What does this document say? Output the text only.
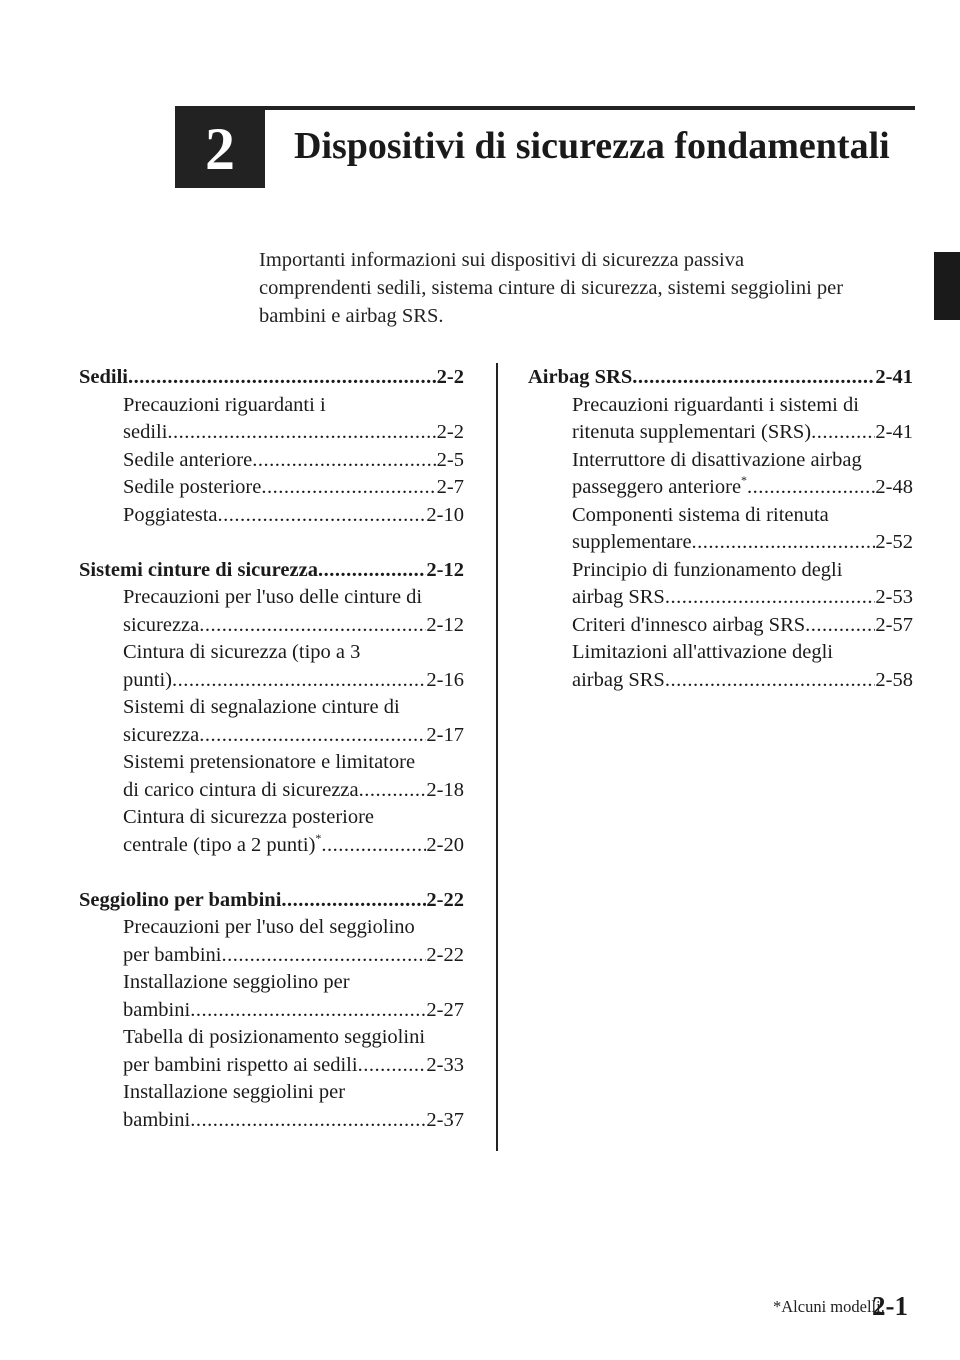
2 Dispositivi di sicurezza fondamentali

Importanti informazioni sui dispositivi di sicurezza passiva

comprendenti sedili, sistema cinture di sicurezza, sistemi seggiolini per

bambini e airbag SRS.

Sedili .....	2-2
Precauzioni riguardanti i
sedili .....	2-2
Sedile anteriore .....	2-5
Sedile posteriore .....	2-7
Poggiatesta .....	2-10
Sistemi cinture di sicurezza .....	2-12
Precauzioni per l'uso delle cinture di
sicurezza .....	2-12
Cintura di sicurezza (tipo a 3
punti) .....	2-16
Sistemi di segnalazione cinture di
sicurezza .....	2-17
Sistemi pretensionatore e limitatore
di carico cintura di sicurezza .....	2-18
Cintura di sicurezza posteriore
centrale (tipo a 2 punti)* .....	2-20
Seggiolino per bambini .....	2-22
Precauzioni per l'uso del seggiolino
per bambini .....	2-22
Installazione seggiolino per
bambini .....	2-27
Tabella di posizionamento seggiolini
per bambini rispetto ai sedili .....	2-33
Installazione seggiolini per
bambini .....	2-37
Airbag SRS .....	2-41
Precauzioni riguardanti i sistemi di
ritenuta supplementari (SRS) .....	2-41
Interruttore di disattivazione airbag
passeggero anteriore* .....	2-48
Componenti sistema di ritenuta
supplementare .....	2-52
Principio di funzionamento degli
airbag SRS .....	2-53
Criteri d'innesco airbag SRS .....	2-57
Limitazioni all'attivazione degli
airbag SRS .....	2-58
*Alcuni modelli.
2-1
